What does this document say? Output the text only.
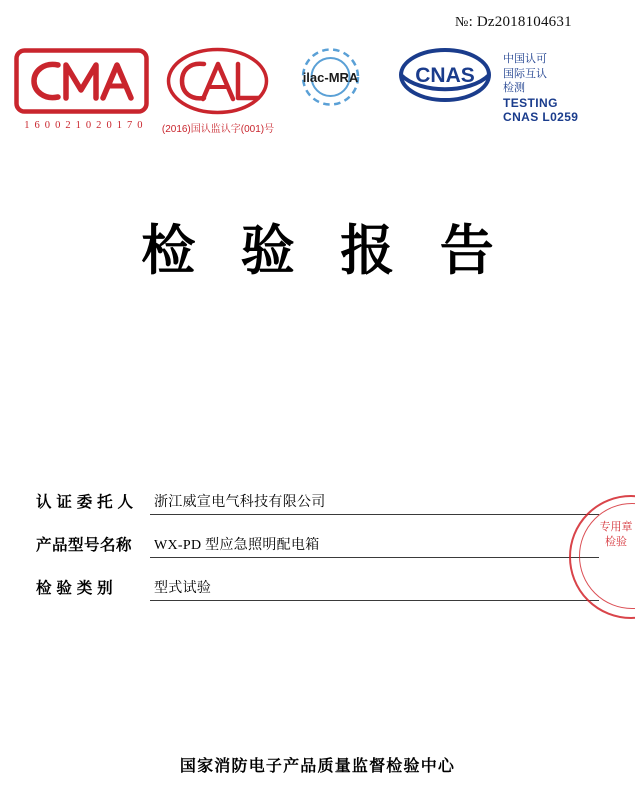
№: Dz2018104631
1 6 0 0 2 1 0 2 0 1 7 0	(2016)国认监认字(001)号
ilac-MRA CNAS
中国认可
国际互认
检测
TESTING
CNAS L0259
检 验 报 告
认 证 委 托 人 浙江威宣电气科技有限公司
产品型号名称 WX-PD 型应急照明配电箱
检 验 类 别	型式试验
专用章检验
国家消防电子产品质量监督检验中心
